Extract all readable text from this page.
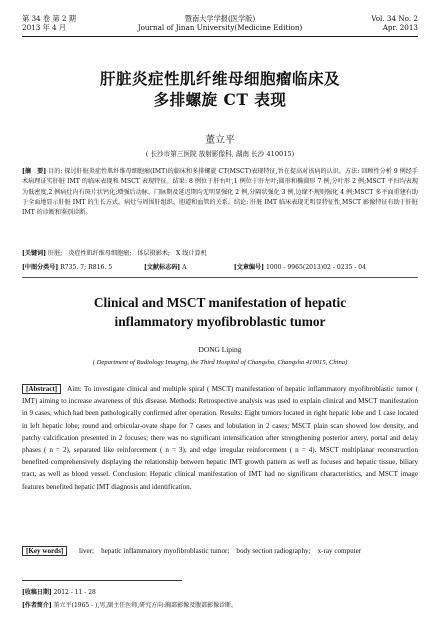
第 34 卷 第 2 期
2013 年 4 月
暨南大学学报(医学版)
Journal of Jinan University(Medicine Edition)
Vol. 34 No. 2
Apr. 2013
肝脏炎症性肌纤维母细胞瘤临床及
多排螺旋 CT 表现
董立平
( 长沙市第三医院 放射影像科, 湖南 长沙 410015)
[摘　要] 目的: 探讨肝脏炎症性肌纤维母细胞瘤(IMT)的临床和多排螺旋 CT(MSCT)表现特征,旨在提高对该病的认识。方法: 回顾性分析 9 例经手术病理证实肝脏 IMT 的临床表现和 MSCT 表现特征。结果: 8 例位于肝右叶,1 例位于肝左叶;圆形和椭圆形 7 例,分叶形 2 例;MSCT 平扫均表现为低密度,2 例病灶内有斑片状钙化;增强后动脉、门脉期及延迟期均无明显强化 2 例,分隔状强化 3 例,边缘不规则强化 4 例;MSCT 多平面重建有助于全面地显示肝脏 IMT 的生长方式、病灶与周围肝组织、胆道和血管的关系。结论: 肝脏 IMT 临床表现无明显特征性,MSCT 影像特征有助于肝脏 IMT 的诊断和鉴别诊断。
[关键词] 肝脏;　炎症性肌纤维母细胞瘤;　体层摄影术;　X 线计算机
[中图分类号] R735. 7; R816. 5	[文献标志码] A	[文章编号] 1000 - 9965(2013)02 - 0235 - 04
Clinical and MSCT manifestation of hepatic
inflammatory myofibroblastic tumor
DONG Liping
( Department of Radiology Imaging, the Third Hospital of Changsha, Changsha 410015, China)
[Abstract] Aim: To investigate clinical and multiple spiral ( MSCT) manifestation of hepatic inflammatory myofibroblastic tumor ( IMT) aiming to increase awareness of this disease. Methods: Retrospective analysis was used to explain clinical and MSCT manifestation in 9 cases, which had been pathologically confirmed after operation. Results: Eight tumors located in right hepatic lobe and 1 case located in left hepatic lobe; round and orbicular-ovate shape for 7 cases and lobulation in 2 cases; MSCT plain scan showed low density, and patchy calcification presented in 2 focuses; there was no significant intensification after strengthening posterior artery, portal and delay phases ( n = 2), separated like reinforcement ( n = 3), and edge irregular reinforcement ( n = 4). MSCT multiplanar reconstruction benefited comprehensively displaying the relationship between hepatic IMT growth pattern as well as focuses and hepatic tissue, biliary tract, as well as blood vessel. Conclusion: Hepatic clinical manifestation of IMT had no significant characteristics, and MSCT image features benefited hepatic IMT diagnosis and identification.
[Key words] liver;　hepatic inflammatory myofibroblastic tumor;　body section radiography;　x-ray computer
[收稿日期] 2012 - 11 - 28
[作者简介] 董立平(1965 - ),男,副主任医师,研究方向:胸部影像及腹部影像诊断。
